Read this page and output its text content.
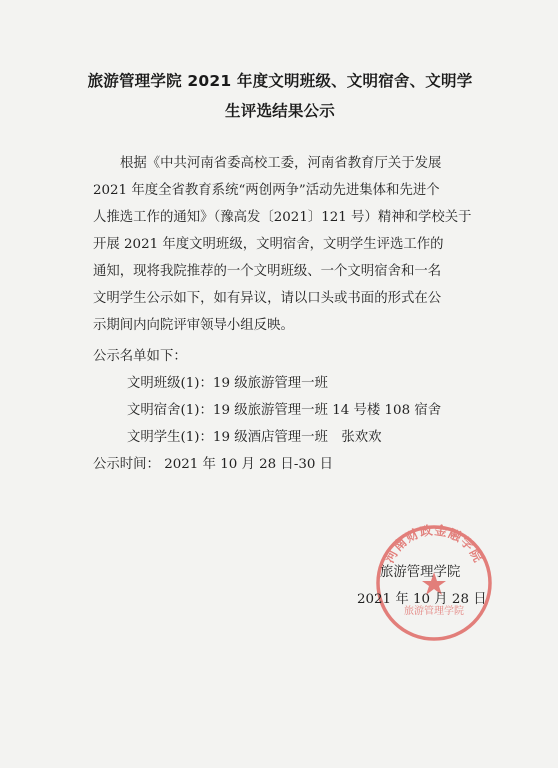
旅游管理学院 2021 年度文明班级、文明宿舍、文明学
生评选结果公示
根据《中共河南省委高校工委，河南省教育厅关于发展
2021 年度全省教育系统“两创两争”活动先进集体和先进个
人推选工作的通知》（豫高发〔2021〕121 号）精神和学校关于
开展 2021 年度文明班级，文明宿舍，文明学生评选工作的
通知，现将我院推荐的一个文明班级、一个文明宿舍和一名
文明学生公示如下，如有异议，请以口头或书面的形式在公
示期间内向院评审领导小组反映。
公示名单如下：
文明班级(1)：19 级旅游管理一班
文明宿舍(1)：19 级旅游管理一班 14 号楼 108 宿舍
文明学生(1)：19 级酒店管理一班　张欢欢
公示时间： 2021 年 10 月 28 日-30 日
河南财政金融学院
旅游管理学院
旅游管理学院
2021 年 10 月 28 日
